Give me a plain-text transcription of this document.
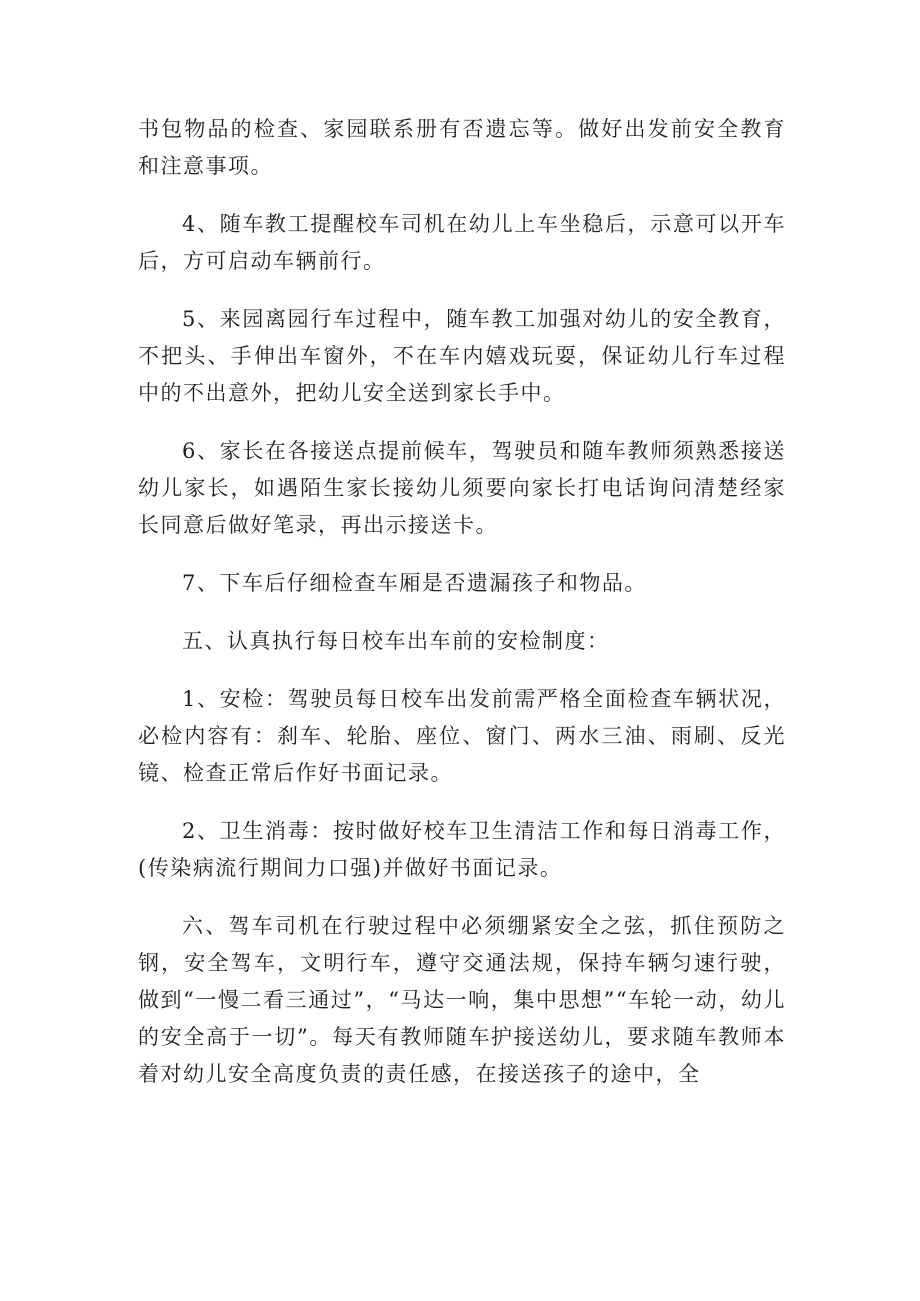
书包物品的检查、家园联系册有否遗忘等。做好出发前安全教育和注意事项。

4、随车教工提醒校车司机在幼儿上车坐稳后，示意可以开车后，方可启动车辆前行。

5、来园离园行车过程中，随车教工加强对幼儿的安全教育，不把头、手伸出车窗外，不在车内嬉戏玩耍，保证幼儿行车过程中的不出意外，把幼儿安全送到家长手中。

6、家长在各接送点提前候车，驾驶员和随车教师须熟悉接送幼儿家长，如遇陌生家长接幼儿须要向家长打电话询问清楚经家长同意后做好笔录，再出示接送卡。

7、下车后仔细检查车厢是否遗漏孩子和物品。

五、认真执行每日校车出车前的安检制度：

1、安检：驾驶员每日校车出发前需严格全面检查车辆状况，必检内容有：刹车、轮胎、座位、窗门、两水三油、雨刷、反光镜、检查正常后作好书面记录。

2、卫生消毒：按时做好校车卫生清洁工作和每日消毒工作，(传染病流行期间力口强)并做好书面记录。

六、驾车司机在行驶过程中必须绷紧安全之弦，抓住预防之钢，安全驾车，文明行车，遵守交通法规，保持车辆匀速行驶，做到“一慢二看三通过”，“马达一响，集中思想”“车轮一动，幼儿的安全高于一切”。每天有教师随车护接送幼儿，要求随车教师本着对幼儿安全高度负责的责任感，在接送孩子的途中，全
